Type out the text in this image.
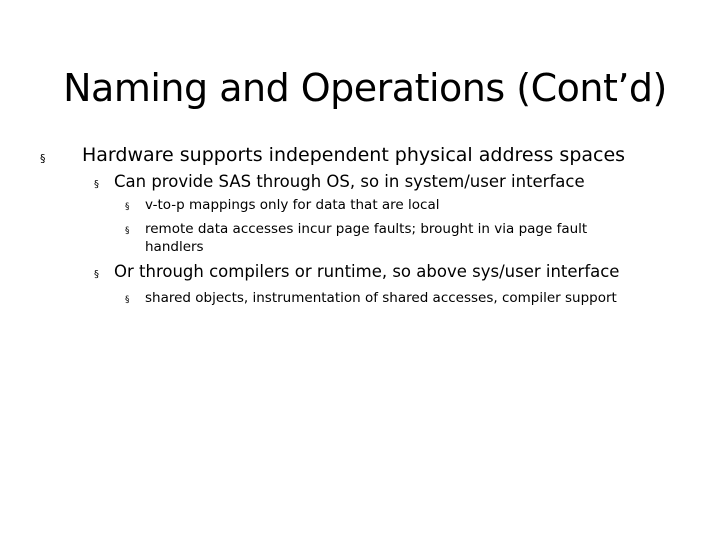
Naming and Operations (Cont’d)
§ Hardware supports independent physical address spaces
§ Can provide SAS through OS, so in system/user interface
§ v-to-p mappings only for data that are local
§ remote data accesses incur page faults; brought in via page fault handlers
§ Or through compilers or runtime, so above sys/user interface
§ shared objects, instrumentation of shared accesses, compiler support
